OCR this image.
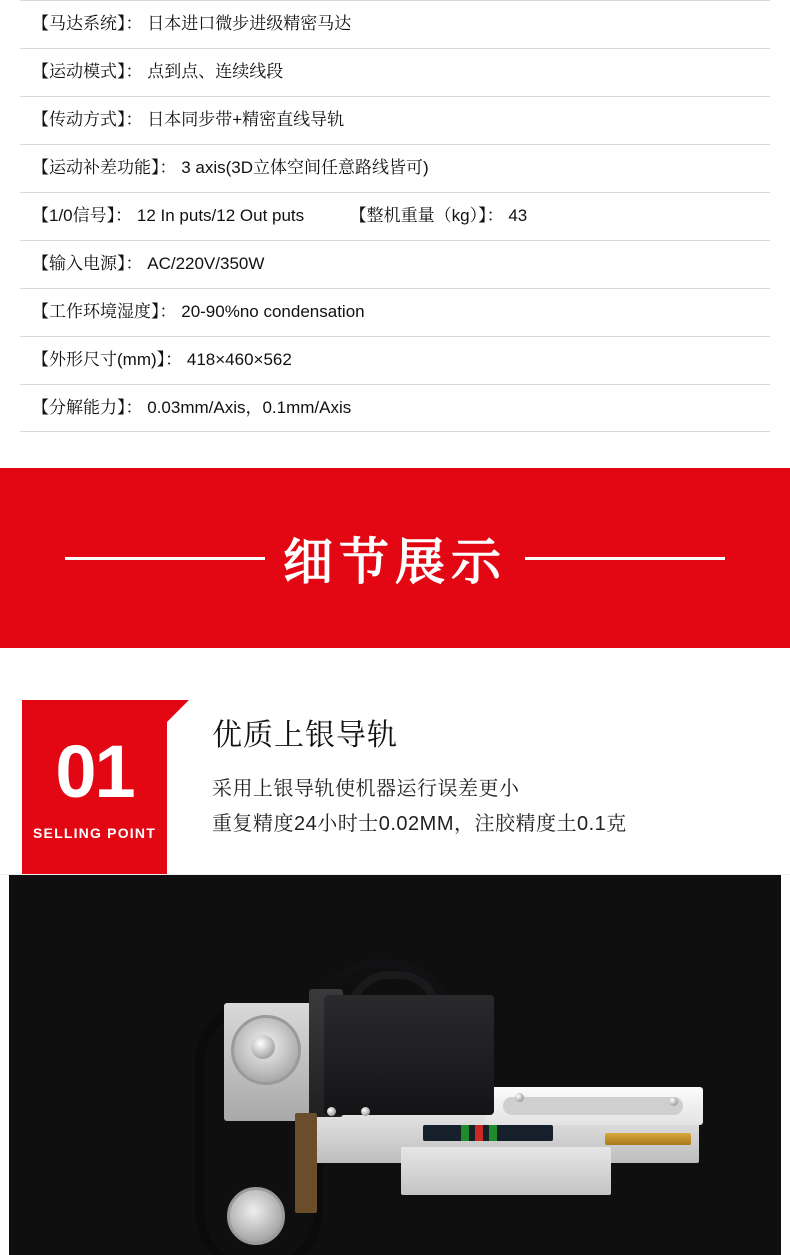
【马达系统】： 日本进口微步进级精密马达
【运动模式】： 点到点、连续线段
【传动方式】： 日本同步带+精密直线导轨
【运动补差功能】： 3 axis(3D立体空间任意路线皆可)
【1/0信号】： 12 In puts/12 Out puts	【整机重量（kg）】： 43
【输入电源】： AC/220V/350W
【工作环境湿度】： 20-90%no condensation
【外形尺寸(mm)】： 418×460×562
【分解能力】： 0.03mm/Axis，0.1mm/Axis
细节展示
01
SELLING POINT
优质上银导轨
采用上银导轨使机器运行误差更小
重复精度24小时士0.02MM，注胶精度土0.1克
